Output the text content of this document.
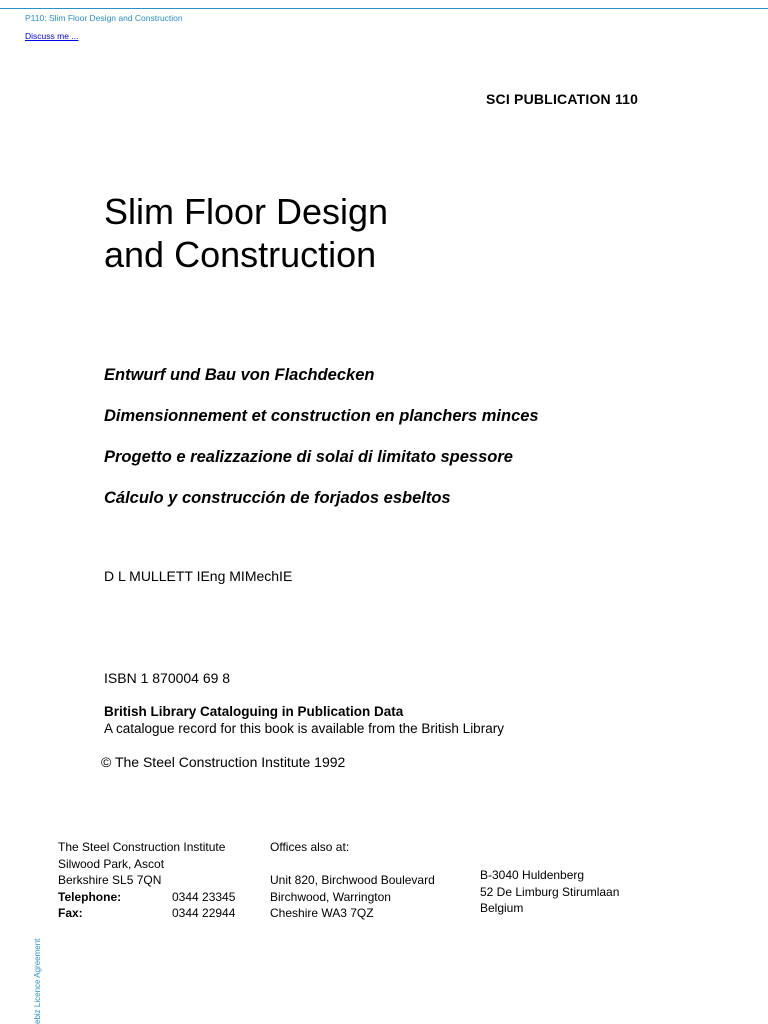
P110: Slim Floor Design and Construction
Discuss me ...
SCI PUBLICATION 110
Slim Floor Design
and Construction
Entwurf und Bau von Flachdecken
Dimensionnement et construction en planchers minces
Progetto e realizzazione di solai di limitato spessore
Cálculo y construcción de forjados esbeltos
D L MULLETT IEng MIMechIE
ISBN 1 870004 69 8
British Library Cataloguing in Publication Data
A catalogue record for this book is available from the British Library
© The Steel Construction Institute 1992
The Steel Construction Institute
Silwood Park, Ascot
Berkshire SL5 7QN
Telephone:	0344 23345
Fax:	0344 22944
Offices also at:

Unit 820, Birchwood Boulevard
Birchwood, Warrington
Cheshire WA3 7QZ
B-3040 Huldenberg
52 De Limburg Stirumlaan
Belgium
ebiz Licence Agreement
